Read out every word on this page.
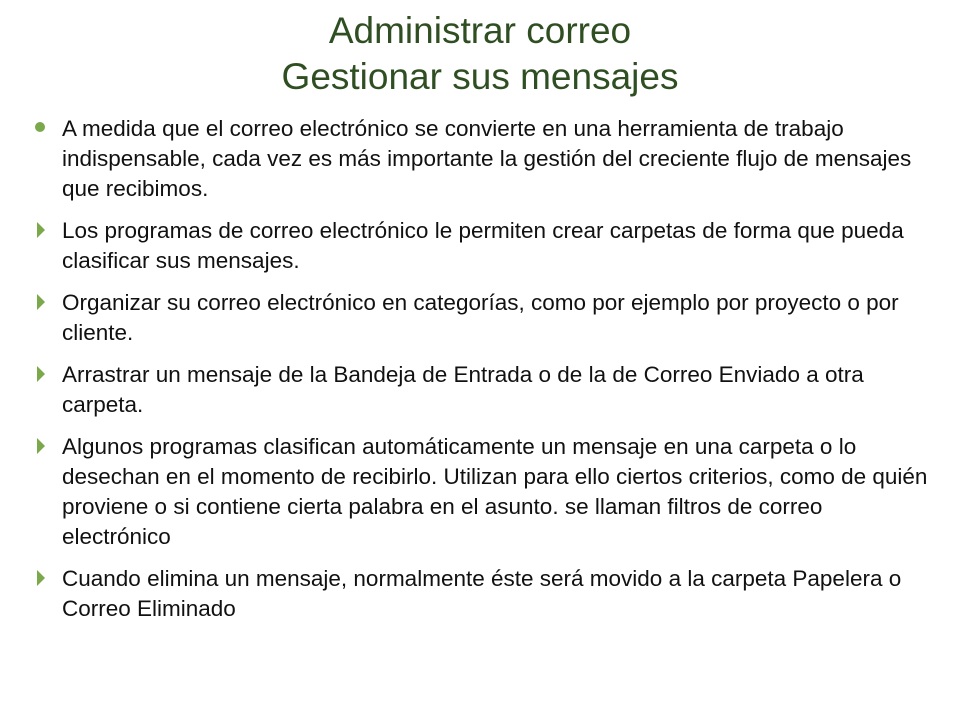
Administrar correo
Gestionar sus mensajes
A medida que el correo electrónico se convierte en una herramienta de trabajo indispensable, cada vez es más importante la gestión del creciente flujo de mensajes que recibimos.
Los programas de correo electrónico le permiten crear carpetas de forma que pueda clasificar sus mensajes.
Organizar su correo electrónico en categorías, como por ejemplo por proyecto o por cliente.
Arrastrar un mensaje de la Bandeja de Entrada o de la de Correo Enviado a otra carpeta.
Algunos programas clasifican automáticamente un mensaje en una carpeta o lo desechan en el momento de recibirlo. Utilizan para ello ciertos criterios, como de quién proviene o si contiene cierta palabra en el asunto. se llaman filtros de correo electrónico
Cuando elimina un mensaje, normalmente éste será movido a la carpeta Papelera o Correo Eliminado
